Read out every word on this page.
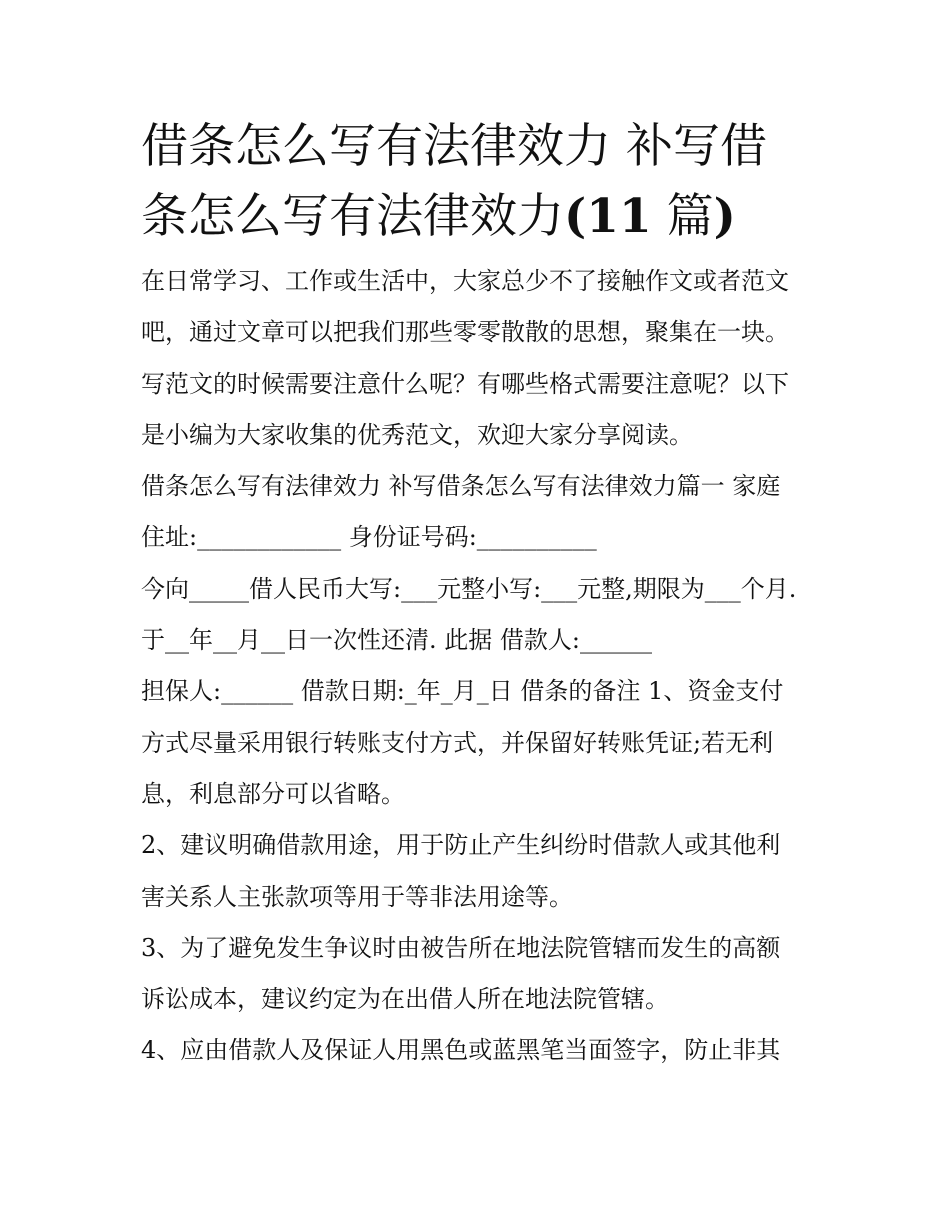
借条怎么写有法律效力 补写借
条怎么写有法律效力(11 篇)

在日常学习、工作或生活中，大家总少不了接触作文或者范文
吧，通过文章可以把我们那些零零散散的思想，聚集在一块。
写范文的时候需要注意什么呢？有哪些格式需要注意呢？以下
是小编为大家收集的优秀范文，欢迎大家分享阅读。

借条怎么写有法律效力 补写借条怎么写有法律效力篇一 家庭
住址:____________ 身份证号码:__________

今向_____借人民币大写:___元整小写:___元整,期限为___个月.
于__年__月__日一次性还清. 此据 借款人:______

担保人:______ 借款日期:_年_月_日 借条的备注 1、资金支付
方式尽量采用银行转账支付方式，并保留好转账凭证;若无利
息，利息部分可以省略。

2、建议明确借款用途，用于防止产生纠纷时借款人或其他利
害关系人主张款项等用于等非法用途等。

3、为了避免发生争议时由被告所在地法院管辖而发生的高额
诉讼成本，建议约定为在出借人所在地法院管辖。

4、应由借款人及保证人用黑色或蓝黑笔当面签字，防止非其
